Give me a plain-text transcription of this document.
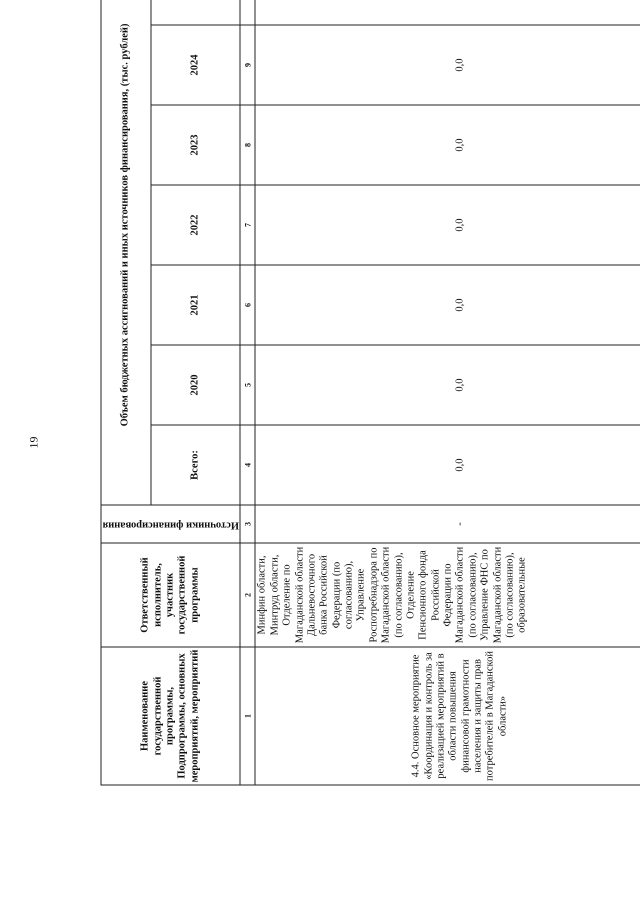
19
Наименование государственной программы, Подпрограммы, основных мероприятий, мероприятий	Ответственный исполнитель, участник государственной программы	Источники финансирования	Объем бюджетных ассигнований и иных источников финансирования, (тыс. рублей)						
			Всего:	2020	2021	2022	2023	2024	
1	2	3	4	5	6	7	8	9	
4.4. Основное мероприятие «Координация и контроль за реализацией мероприятий в области повышения финансовой грамотности населения и защиты прав потребителей в Магаданской области»	Минфин области, Минтруд области, Отделение по Магаданской области Дальневосточного банка Российской Федерации (по согласованию), Управление Роспотребнадзора по Магаданской области (по согласованию), Отделение Пенсионного фонда Российской Федерации по Магаданской области (по согласованию), Управление ФНС по Магаданской области (по согласованию), образовательные	-	0,0	0,0	0,0	0,0	0,0	0,0	
